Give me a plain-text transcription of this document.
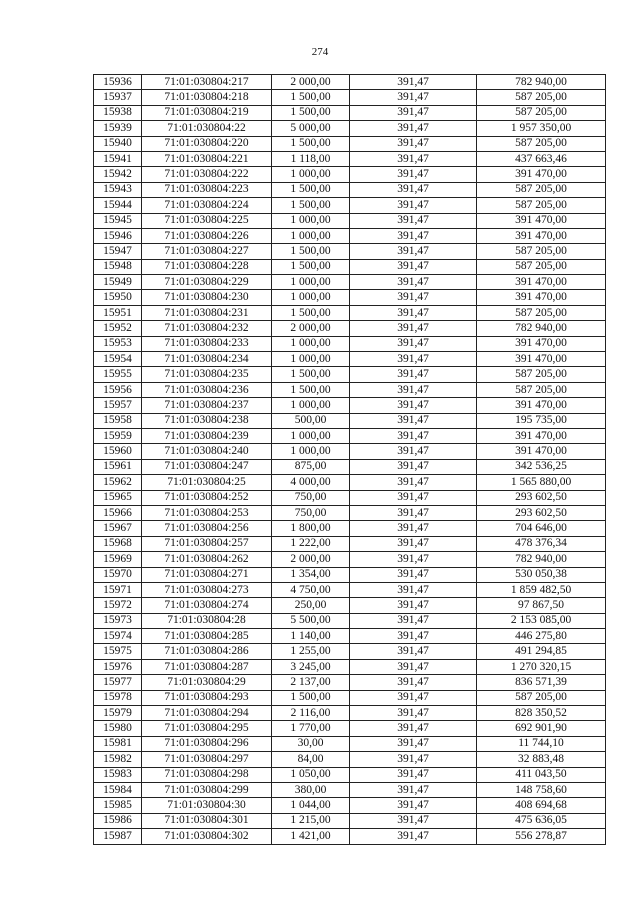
274
15936	71:01:030804:217	2 000,00	391,47	782 940,00
15937	71:01:030804:218	1 500,00	391,47	587 205,00
15938	71:01:030804:219	1 500,00	391,47	587 205,00
15939	71:01:030804:22	5 000,00	391,47	1 957 350,00
15940	71:01:030804:220	1 500,00	391,47	587 205,00
15941	71:01:030804:221	1 118,00	391,47	437 663,46
15942	71:01:030804:222	1 000,00	391,47	391 470,00
15943	71:01:030804:223	1 500,00	391,47	587 205,00
15944	71:01:030804:224	1 500,00	391,47	587 205,00
15945	71:01:030804:225	1 000,00	391,47	391 470,00
15946	71:01:030804:226	1 000,00	391,47	391 470,00
15947	71:01:030804:227	1 500,00	391,47	587 205,00
15948	71:01:030804:228	1 500,00	391,47	587 205,00
15949	71:01:030804:229	1 000,00	391,47	391 470,00
15950	71:01:030804:230	1 000,00	391,47	391 470,00
15951	71:01:030804:231	1 500,00	391,47	587 205,00
15952	71:01:030804:232	2 000,00	391,47	782 940,00
15953	71:01:030804:233	1 000,00	391,47	391 470,00
15954	71:01:030804:234	1 000,00	391,47	391 470,00
15955	71:01:030804:235	1 500,00	391,47	587 205,00
15956	71:01:030804:236	1 500,00	391,47	587 205,00
15957	71:01:030804:237	1 000,00	391,47	391 470,00
15958	71:01:030804:238	500,00	391,47	195 735,00
15959	71:01:030804:239	1 000,00	391,47	391 470,00
15960	71:01:030804:240	1 000,00	391,47	391 470,00
15961	71:01:030804:247	875,00	391,47	342 536,25
15962	71:01:030804:25	4 000,00	391,47	1 565 880,00
15965	71:01:030804:252	750,00	391,47	293 602,50
15966	71:01:030804:253	750,00	391,47	293 602,50
15967	71:01:030804:256	1 800,00	391,47	704 646,00
15968	71:01:030804:257	1 222,00	391,47	478 376,34
15969	71:01:030804:262	2 000,00	391,47	782 940,00
15970	71:01:030804:271	1 354,00	391,47	530 050,38
15971	71:01:030804:273	4 750,00	391,47	1 859 482,50
15972	71:01:030804:274	250,00	391,47	97 867,50
15973	71:01:030804:28	5 500,00	391,47	2 153 085,00
15974	71:01:030804:285	1 140,00	391,47	446 275,80
15975	71:01:030804:286	1 255,00	391,47	491 294,85
15976	71:01:030804:287	3 245,00	391,47	1 270 320,15
15977	71:01:030804:29	2 137,00	391,47	836 571,39
15978	71:01:030804:293	1 500,00	391,47	587 205,00
15979	71:01:030804:294	2 116,00	391,47	828 350,52
15980	71:01:030804:295	1 770,00	391,47	692 901,90
15981	71:01:030804:296	30,00	391,47	11 744,10
15982	71:01:030804:297	84,00	391,47	32 883,48
15983	71:01:030804:298	1 050,00	391,47	411 043,50
15984	71:01:030804:299	380,00	391,47	148 758,60
15985	71:01:030804:30	1 044,00	391,47	408 694,68
15986	71:01:030804:301	1 215,00	391,47	475 636,05
15987	71:01:030804:302	1 421,00	391,47	556 278,87
